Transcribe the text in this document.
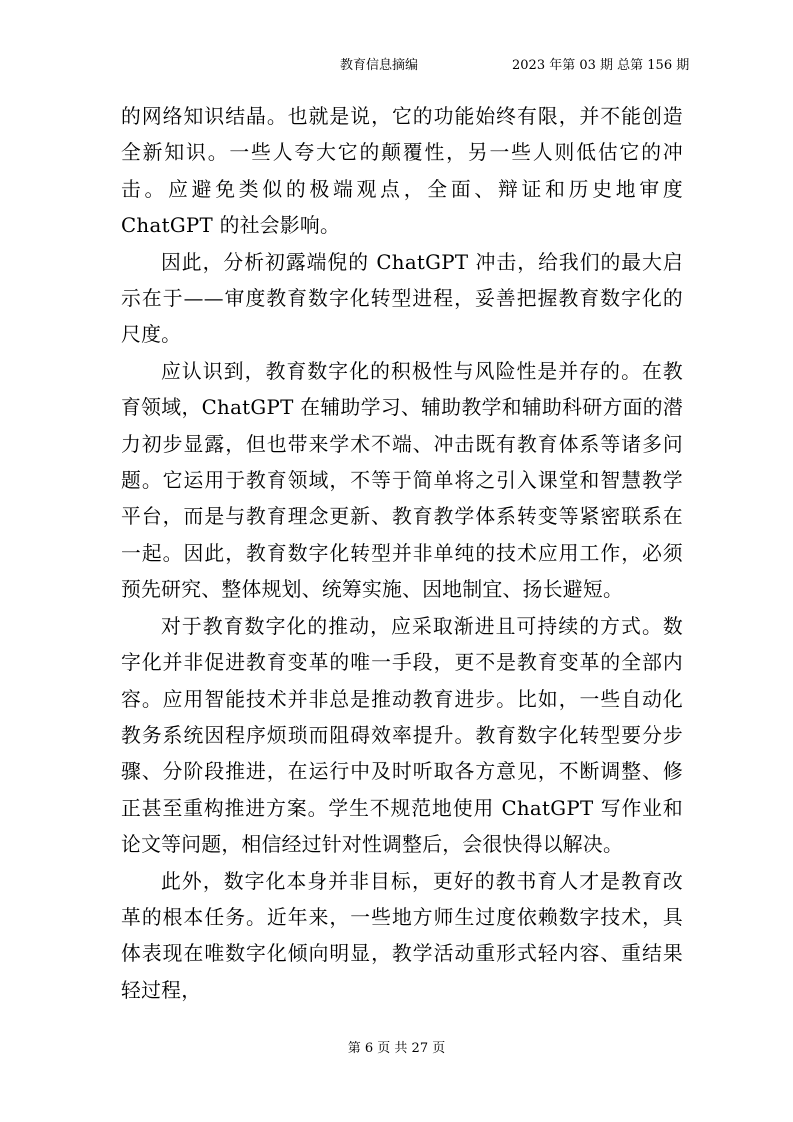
教育信息摘编	2023 年第 03 期 总第 156 期

的网络知识结晶。也就是说，它的功能始终有限，并不能创造全新知识。一些人夸大它的颠覆性，另一些人则低估它的冲击。应避免类似的极端观点，全面、辩证和历史地审度 ChatGPT 的社会影响。

因此，分析初露端倪的 ChatGPT 冲击，给我们的最大启示在于——审度教育数字化转型进程，妥善把握教育数字化的尺度。

应认识到，教育数字化的积极性与风险性是并存的。在教育领域，ChatGPT 在辅助学习、辅助教学和辅助科研方面的潜力初步显露，但也带来学术不端、冲击既有教育体系等诸多问题。它运用于教育领域，不等于简单将之引入课堂和智慧教学平台，而是与教育理念更新、教育教学体系转变等紧密联系在一起。因此，教育数字化转型并非单纯的技术应用工作，必须预先研究、整体规划、统筹实施、因地制宜、扬长避短。

对于教育数字化的推动，应采取渐进且可持续的方式。数字化并非促进教育变革的唯一手段，更不是教育变革的全部内容。应用智能技术并非总是推动教育进步。比如，一些自动化教务系统因程序烦琐而阻碍效率提升。教育数字化转型要分步骤、分阶段推进，在运行中及时听取各方意见，不断调整、修正甚至重构推进方案。学生不规范地使用 ChatGPT 写作业和论文等问题，相信经过针对性调整后，会很快得以解决。

此外，数字化本身并非目标，更好的教书育人才是教育改革的根本任务。近年来，一些地方师生过度依赖数字技术，具体表现在唯数字化倾向明显，教学活动重形式轻内容、重结果轻过程，

第 6 页 共 27 页
